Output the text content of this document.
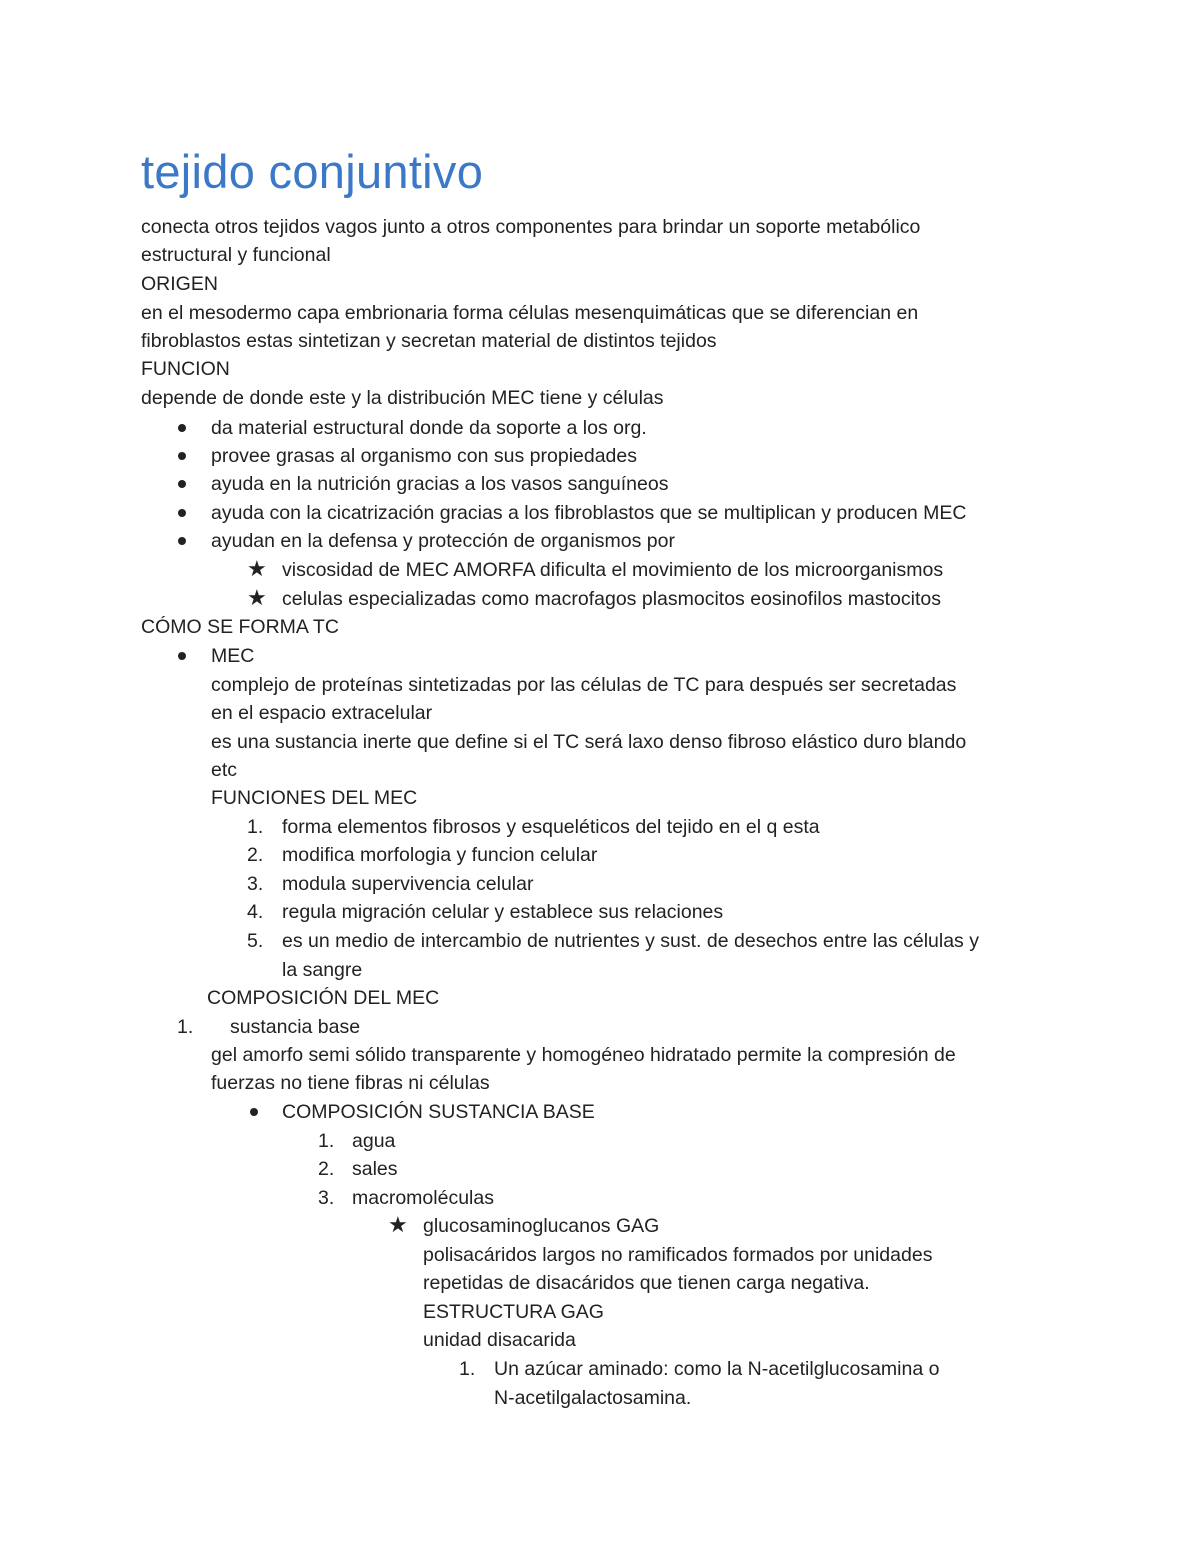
tejido conjuntivo
conecta otros tejidos vagos junto a otros componentes para brindar un soporte metabólico
estructural y funcional
ORIGEN
en el mesodermo capa embrionaria forma células mesenquimáticas que se diferencian en
fibroblastos estas sintetizan y secretan material de distintos tejidos
FUNCION
depende de donde este y la distribución MEC tiene y células
da material estructural donde da soporte a los org.
provee grasas al organismo con sus propiedades
ayuda en la nutrición gracias a los vasos sanguíneos
ayuda con la cicatrización gracias a los fibroblastos que se multiplican y producen MEC
ayudan en la defensa y protección de organismos por
★ viscosidad de MEC AMORFA dificulta el movimiento de los microorganismos
★ celulas especializadas como macrofagos plasmocitos eosinofilos mastocitos
CÓMO SE FORMA TC
MEC
complejo de proteínas sintetizadas por las células de TC para después ser secretadas
en el espacio extracelular
es una sustancia inerte que define si el TC será laxo denso fibroso elástico duro blando
etc
FUNCIONES DEL MEC
1. forma elementos fibrosos y esqueléticos del tejido en el q esta
2. modifica morfologia y funcion celular
3. modula supervivencia celular
4. regula migración celular y establece sus relaciones
5. es un medio de intercambio de nutrientes y sust. de desechos entre las células y
la sangre
COMPOSICIÓN DEL MEC
1. sustancia base
gel amorfo semi sólido transparente y homogéneo hidratado permite la compresión de
fuerzas no tiene fibras ni células
COMPOSICIÓN SUSTANCIA BASE
1. agua
2. sales
3. macromoléculas
★ glucosaminoglucanos GAG
polisacáridos largos no ramificados formados por unidades
repetidas de disacáridos que tienen carga negativa.
ESTRUCTURA GAG
unidad disacarida
1. Un azúcar aminado: como la N-acetilglucosamina o
N-acetilgalactosamina.
